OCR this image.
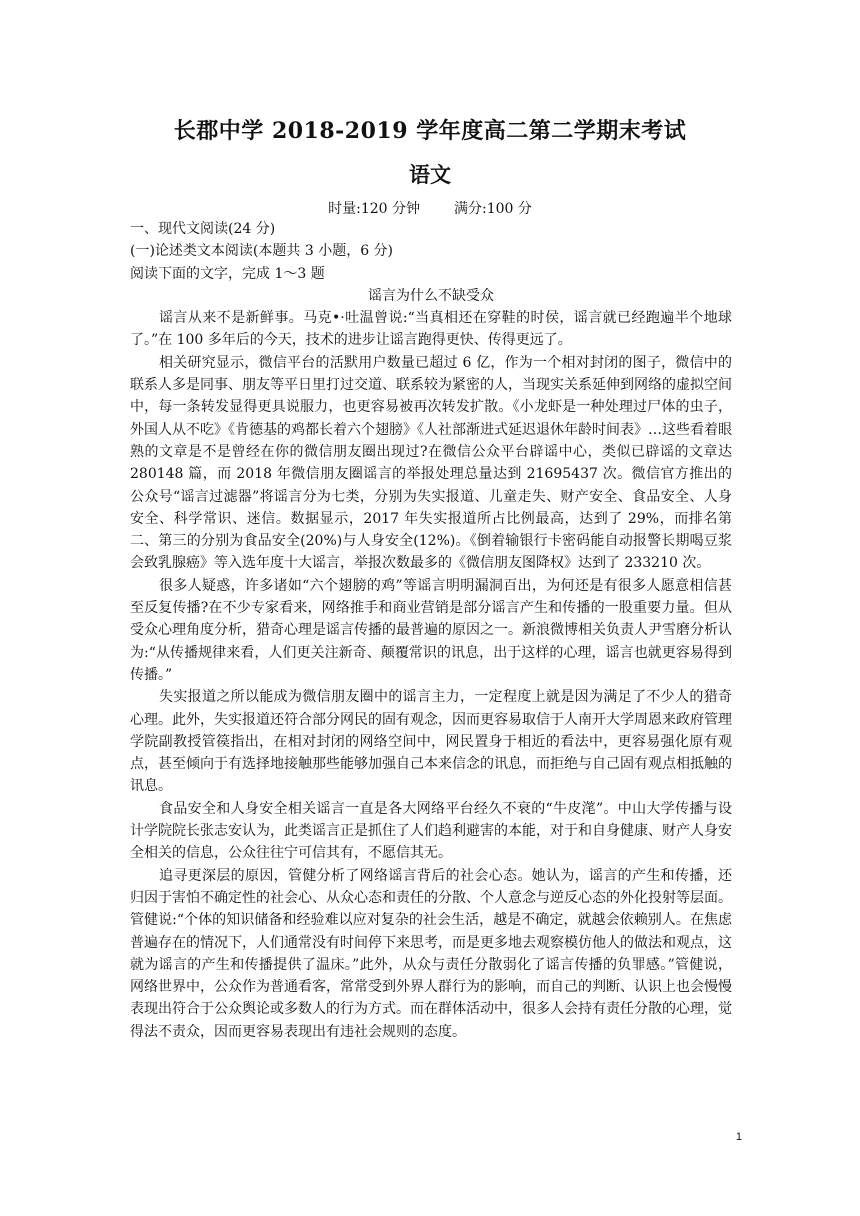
长郡中学 2018-2019 学年度高二第二学期末考试
语文
时量:120 分钟 满分:100 分

一、现代文阅读(24 分)

(一)论述类文本阅读(本题共 3 小题，6 分)

阅读下面的文字，完成 1～3 题

谣言为什么不缺受众

谣言从来不是新鲜事。马克•·吐温曾说:“当真相还在穿鞋的时侯，谣言就已经跑遍半个地球了。”在 100 多年后的今天，技术的进步让谣言跑得更快、传得更远了。

相关研究显示，微信平台的活默用户数量已超过 6 亿，作为一个相对封闭的图子，微信中的联系人多是同事、朋友等平日里打过交道、联系较为紧密的人，当现实关系延伸到网络的虚拟空间中，每一条转发显得更具说服力，也更容易被再次转发扩散。《小龙虾是一种处理过尸体的虫子，外国人从不吃》《肯德基的鸡都长着六个翅膀》《人社部渐进式延迟退休年龄时间表》…这些看着眼熟的文章是不是曾经在你的微信朋友圈出现过?在微信公众平台辟谣中心，类似已辟谣的文章达 280148 篇，而 2018 年微信朋友圈谣言的举报处理总量达到 21695437 次。微信官方推出的公众号“谣言过滤器”将谣言分为七类，分别为失实报道、儿童走失、财产安全、食品安全、人身安全、科学常识、迷信。数据显示，2017 年失实报道所占比例最高，达到了 29%，而排名第二、第三的分别为食品安全(20%)与人身安全(12%)。《倒着输银行卡密码能自动报警长期喝豆浆会致乳腺癌》等入选年度十大谣言，举报次数最多的《微信朋友图降权》达到了 233210 次。

很多人疑惑，许多诸如“六个翅膀的鸡”等谣言明明漏洞百出，为何还是有很多人愿意相信甚至反复传播?在不少专家看来，网络推手和商业营销是部分谣言产生和传播的一股重要力量。但从受众心理角度分析，猎奇心理是谣言传播的最普遍的原因之一。新浪微博相关负责人尹雪磨分析认为:“从传播规律来看，人们更关注新奇、颠覆常识的讯息，出于这样的心理，谣言也就更容易得到传播。”

失实报道之所以能成为微信朋友圈中的谣言主力，一定程度上就是因为满足了不少人的猎奇心理。此外，失实报道还符合部分网民的固有观念，因而更容易取信于人南开大学周恩来政府管理学院副教授管篌指出，在相对封闭的网络空间中，网民置身于相近的看法中，更容易强化原有观点，甚至倾向于有选择地接触那些能够加强自己本来信念的讯息，而拒绝与自己固有观点相抵触的讯息。

食品安全和人身安全相关谣言一直是各大网络平台经久不衰的“牛皮滗”。中山大学传播与设计学院院长张志安认为，此类谣言正是抓住了人们趋利避害的本能，对于和自身健康、财产人身安全相关的信息，公众往往宁可信其有，不愿信其无。

追寻更深层的原因，管健分析了网络谣言背后的社会心态。她认为，谣言的产生和传播，还归因于害怕不确定性的社会心、从众心态和责任的分散、个人意念与逆反心态的外化投射等层面。管健说:“个体的知识储备和经验难以应对复杂的社会生活，越是不确定，就越会依赖别人。在焦虑普遍存在的情况下，人们通常没有时间停下来思考，而是更多地去观察模仿他人的做法和观点，这就为谣言的产生和传播提供了温床。”此外，从众与责任分散弱化了谣言传播的负罪感。”管健说，网络世界中，公众作为普通看客，常常受到外界人群行为的影响，而自己的判断、认识上也会慢慢表现出符合于公众舆论或多数人的行为方式。而在群体活动中，很多人会持有责任分散的心理，觉得法不责众，因而更容易表现出有违社会规则的态度。

1
